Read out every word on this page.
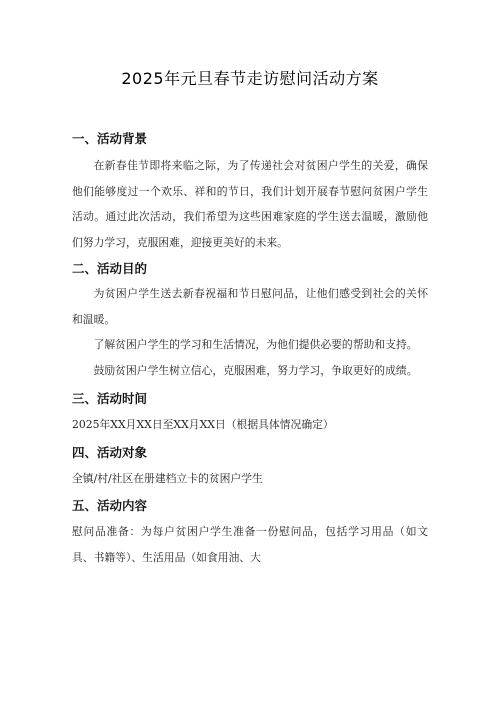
2025年元旦春节走访慰问活动方案
一、活动背景

在新春佳节即将来临之际，为了传递社会对贫困户学生的关爱，确保他们能够度过一个欢乐、祥和的节日，我们计划开展春节慰问贫困户学生活动。通过此次活动，我们希望为这些困难家庭的学生送去温暖，激励他们努力学习，克服困难，迎接更美好的未来。

二、活动目的

为贫困户学生送去新春祝福和节日慰问品，让他们感受到社会的关怀和温暖。

了解贫困户学生的学习和生活情况，为他们提供必要的帮助和支持。

鼓励贫困户学生树立信心，克服困难，努力学习，争取更好的成绩。

三、活动时间

2025年XX月XX日至XX月XX日（根据具体情况确定）

四、活动对象

全镇/村/社区在册建档立卡的贫困户学生

五、活动内容

慰问品准备：为每户贫困户学生准备一份慰问品，包括学习用品（如文具、书籍等）、生活用品（如食用油、大
